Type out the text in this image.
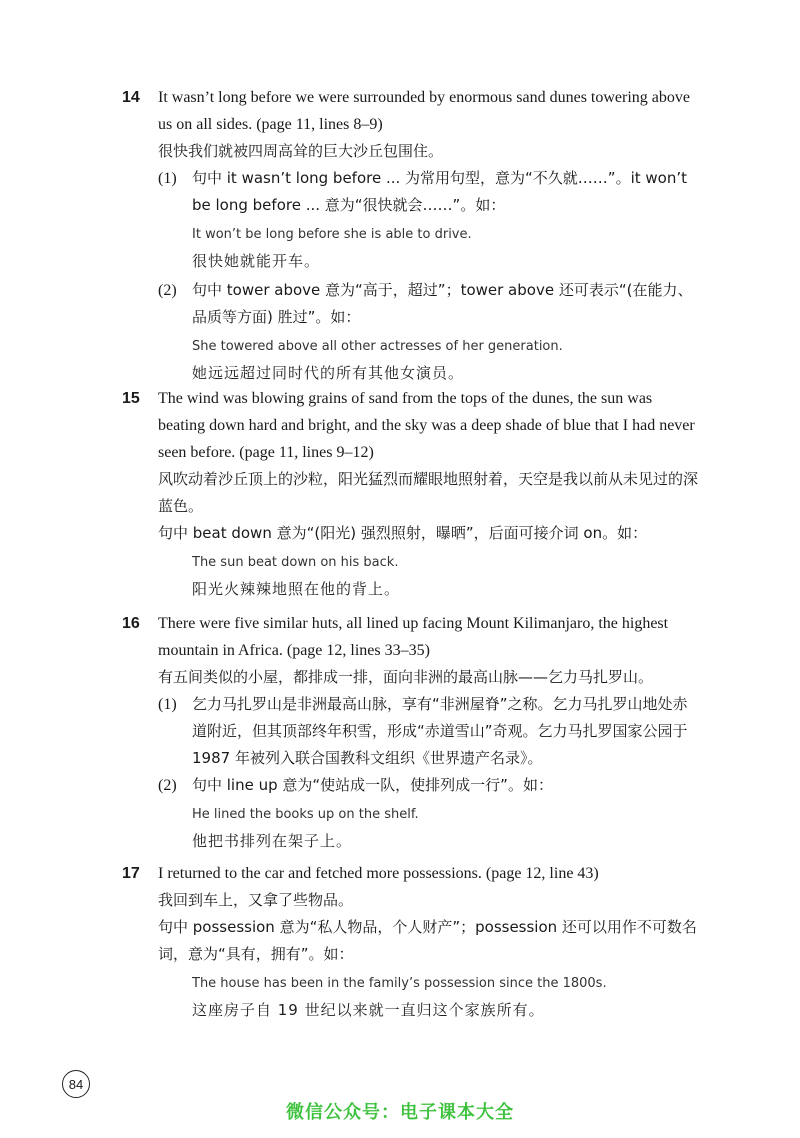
14	It wasn’t long before we were surrounded by enormous sand dunes towering above us on all sides. (page 11, lines 8–9)
很快我们就被四周高耸的巨大沙丘包围住。
(1) 句中 it wasn’t long before ... 为常用句型，意为“不久就……”。it won’t be long before ... 意为“很快就会……”。如：
It won’t be long before she is able to drive.
很快她就能开车。
(2) 句中 tower above 意为“高于，超过”；tower above 还可表示“(在能力、品质等方面) 胜过”。如：
She towered above all other actresses of her generation.
她远远超过同时代的所有其他女演员。
15	The wind was blowing grains of sand from the tops of the dunes, the sun was beating down hard and bright, and the sky was a deep shade of blue that I had never seen before. (page 11, lines 9–12)
风吹动着沙丘顶上的沙粒，阳光猛烈而耀眼地照射着，天空是我以前从未见过的深蓝色。
句中 beat down 意为“(阳光) 强烈照射，曝晒”，后面可接介词 on。如：
The sun beat down on his back.
阳光火辣辣地照在他的背上。
16	There were five similar huts, all lined up facing Mount Kilimanjaro, the highest mountain in Africa. (page 12, lines 33–35)
有五间类似的小屋，都排成一排，面向非洲的最高山脉——乞力马扎罗山。
(1) 乞力马扎罗山是非洲最高山脉，享有“非洲屋脊”之称。乞力马扎罗山地处赤道附近，但其顶部终年积雪，形成“赤道雪山”奇观。乞力马扎罗国家公园于 1987 年被列入联合国教科文组织《世界遗产名录》。
(2) 句中 line up 意为“使站成一队，使排列成一行”。如：
He lined the books up on the shelf.
他把书排列在架子上。
17	I returned to the car and fetched more possessions. (page 12, line 43)
我回到车上，又拿了些物品。
句中 possession 意为“私人物品，个人财产”；possession 还可以用作不可数名词，意为“具有，拥有”。如：
The house has been in the family’s possession since the 1800s.
这座房子自 19 世纪以来就一直归这个家族所有。
84
微信公众号：电子课本大全
